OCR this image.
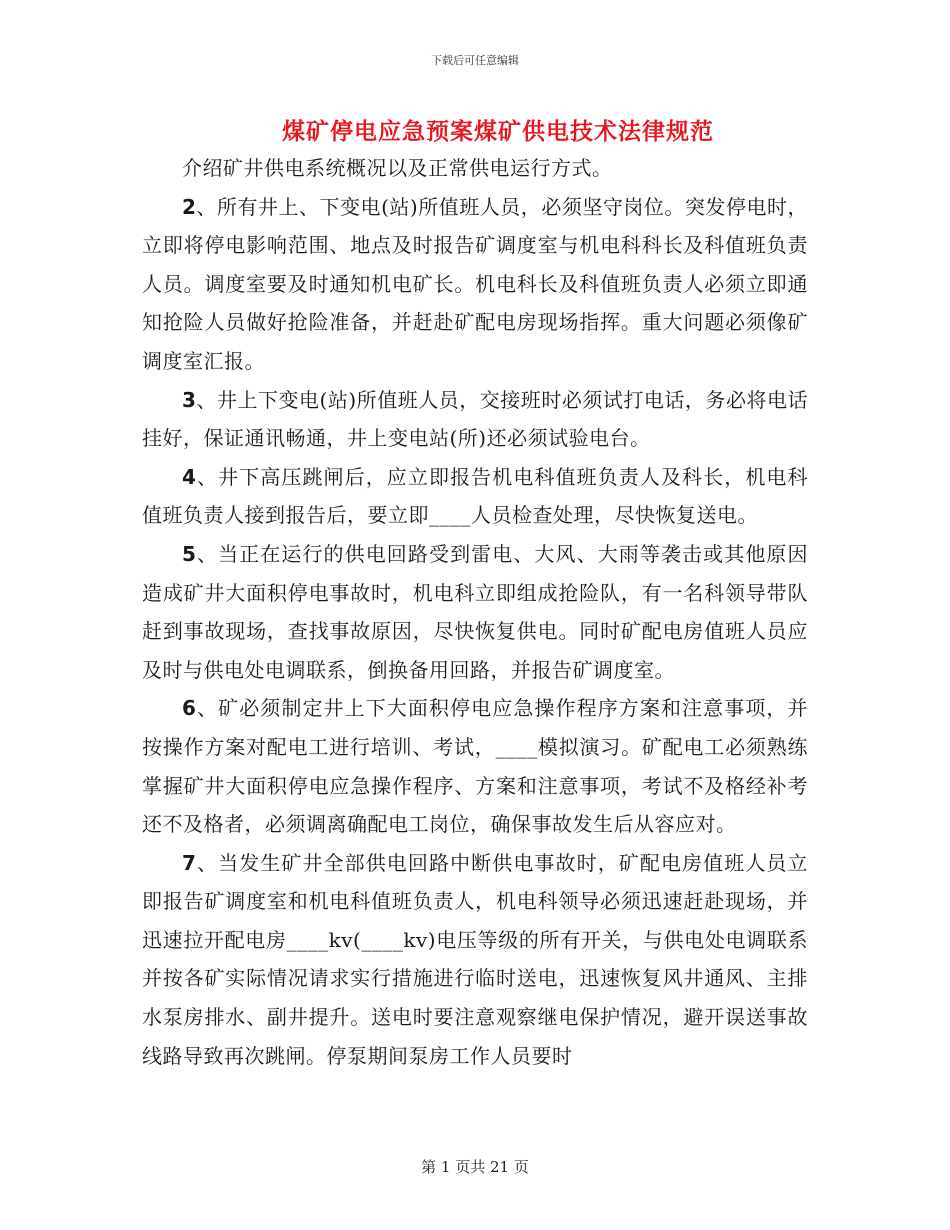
下载后可任意编辑
煤矿停电应急预案煤矿供电技术法律规范

介绍矿井供电系统概况以及正常供电运行方式。

2、所有井上、下变电(站)所值班人员，必须坚守岗位。突发停电时，立即将停电影响范围、地点及时报告矿调度室与机电科科长及科值班负责人员。调度室要及时通知机电矿长。机电科长及科值班负责人必须立即通知抢险人员做好抢险准备，并赶赴矿配电房现场指挥。重大问题必须像矿调度室汇报。

3、井上下变电(站)所值班人员，交接班时必须试打电话，务必将电话挂好，保证通讯畅通，井上变电站(所)还必须试验电台。

4、井下高压跳闸后，应立即报告机电科值班负责人及科长，机电科值班负责人接到报告后，要立即____人员检查处理，尽快恢复送电。

5、当正在运行的供电回路受到雷电、大风、大雨等袭击或其他原因造成矿井大面积停电事故时，机电科立即组成抢险队，有一名科领导带队赶到事故现场，查找事故原因，尽快恢复供电。同时矿配电房值班人员应及时与供电处电调联系，倒换备用回路，并报告矿调度室。

6、矿必须制定井上下大面积停电应急操作程序方案和注意事项，并按操作方案对配电工进行培训、考试，____模拟演习。矿配电工必须熟练掌握矿井大面积停电应急操作程序、方案和注意事项，考试不及格经补考还不及格者，必须调离确配电工岗位，确保事故发生后从容应对。

7、当发生矿井全部供电回路中断供电事故时，矿配电房值班人员立即报告矿调度室和机电科值班负责人，机电科领导必须迅速赶赴现场，并迅速拉开配电房____kv(____kv)电压等级的所有开关，与供电处电调联系并按各矿实际情况请求实行措施进行临时送电，迅速恢复风井通风、主排水泵房排水、副井提升。送电时要注意观察继电保护情况，避开误送事故线路导致再次跳闸。停泵期间泵房工作人员要时

第 1 页共 21 页
